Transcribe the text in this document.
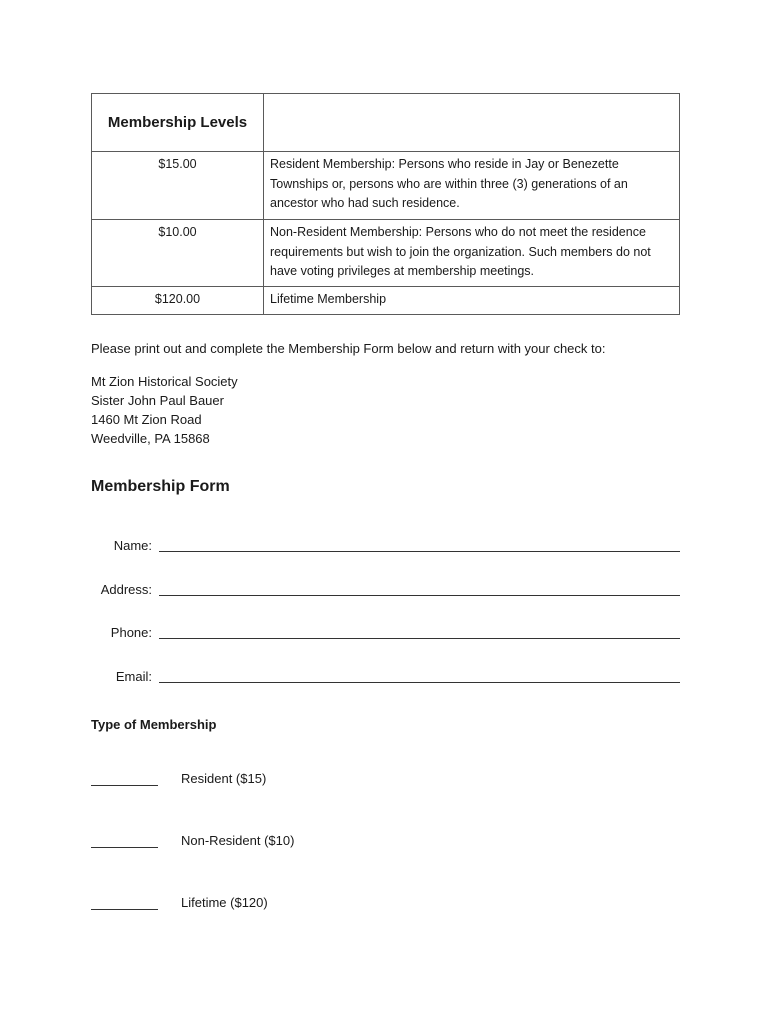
Membership Levels	
$15.00	Resident Membership: Persons who reside in Jay or Benezette Townships or, persons who are within three (3) generations of an ancestor who had such residence.
$10.00	Non-Resident Membership: Persons who do not meet the residence requirements but wish to join the organization. Such members do not have voting privileges at membership meetings.
$120.00	Lifetime Membership
Please print out and complete the Membership Form below and return with your check to:
Mt Zion Historical Society
Sister John Paul Bauer
1460 Mt Zion Road
Weedville, PA 15868
Membership Form
Name:
Address:
Phone:
Email:
Type of Membership
Resident ($15)
Non-Resident ($10)
Lifetime ($120)
